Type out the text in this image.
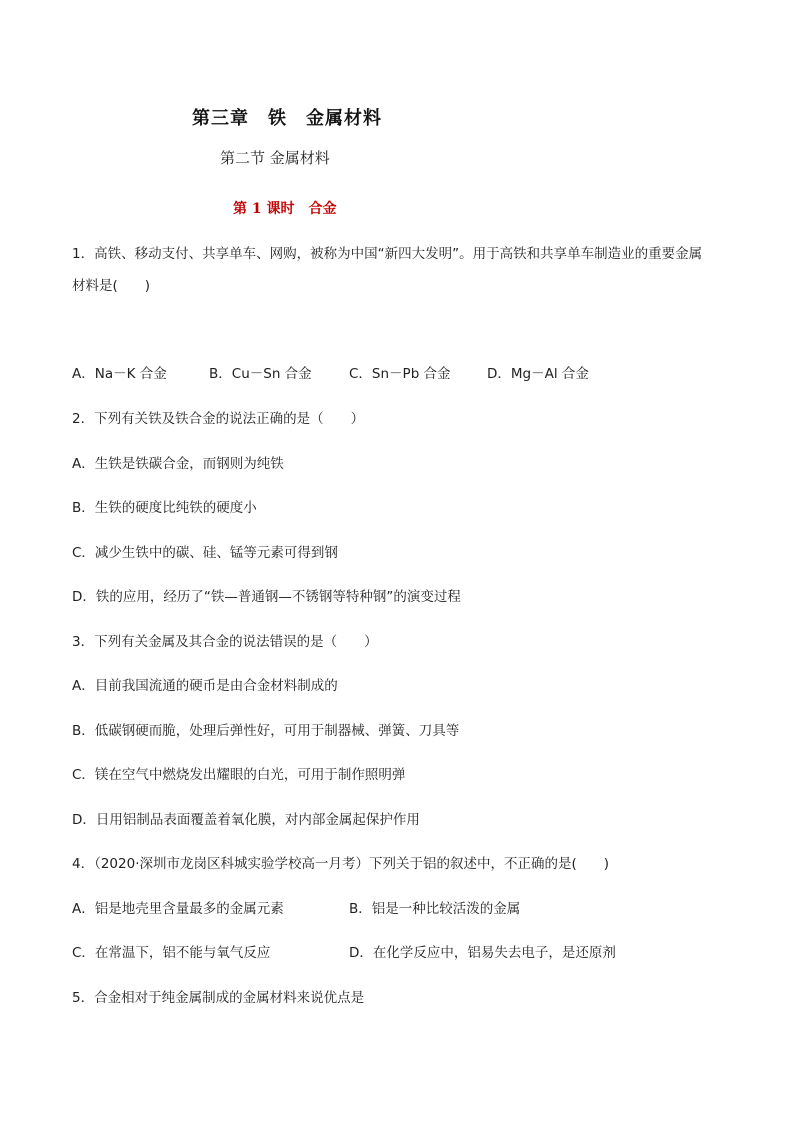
第三章　铁　金属材料
第二节 金属材料
第 1 课时　合金
1．高铁、移动支付、共享单车、网购，被称为中国“新四大发明”。用于高铁和共享单车制造业的重要金属
材料是(　　)
A．Na－K 合金	B．Cu－Sn 合金	C．Sn－Pb 合金	D．Mg－Al 合金
2．下列有关铁及铁合金的说法正确的是（　　）
A．生铁是铁碳合金，而钢则为纯铁
B．生铁的硬度比纯铁的硬度小
C．减少生铁中的碳、硅、锰等元素可得到钢
D．铁的应用，经历了“铁—普通钢—不锈钢等特种钢”的演变过程
3．下列有关金属及其合金的说法错误的是（　　）
A．目前我国流通的硬币是由合金材料制成的
B．低碳钢硬而脆，处理后弹性好，可用于制器械、弹簧、刀具等
C．镁在空气中燃烧发出耀眼的白光，可用于制作照明弹
D．日用铝制品表面覆盖着氧化膜，对内部金属起保护作用
4．（2020·深圳市龙岗区科城实验学校高一月考）下列关于铝的叙述中，不正确的是(　　)
A．铝是地壳里含量最多的金属元素	B．铝是一种比较活泼的金属
C．在常温下，铝不能与氧气反应	D．在化学反应中，铝易失去电子，是还原剂
5．合金相对于纯金属制成的金属材料来说优点是
